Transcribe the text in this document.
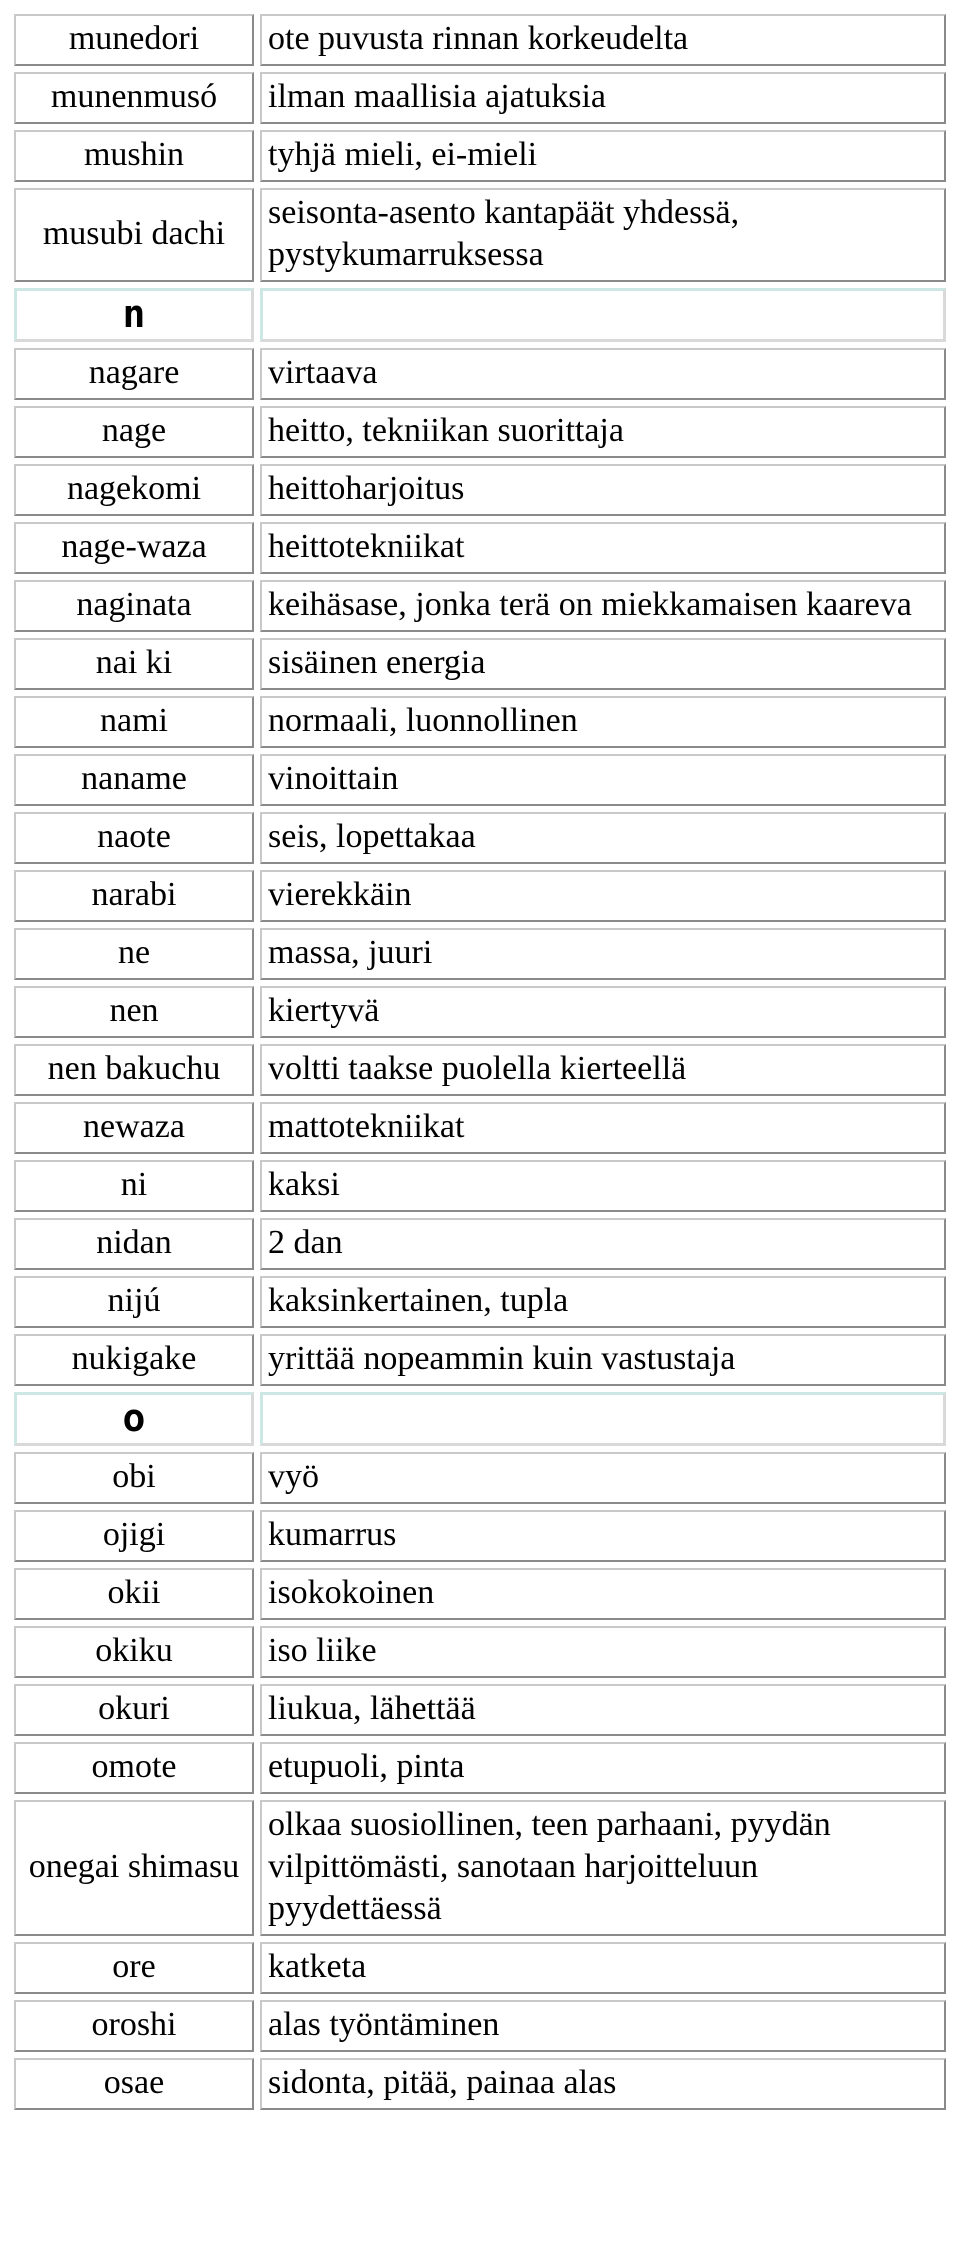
munedori	ote puvusta rinnan korkeudelta
munenmusó	ilman maallisia ajatuksia
mushin	tyhjä mieli, ei-mieli
musubi dachi	seisonta-asento kantapäät yhdessä, pystykumarruksessa
n	
nagare	virtaava
nage	heitto, tekniikan suorittaja
nagekomi	heittoharjoitus
nage-waza	heittotekniikat
naginata	keihäsase, jonka terä on miekkamaisen kaareva
nai ki	sisäinen energia
nami	normaali, luonnollinen
naname	vinoittain
naote	seis, lopettakaa
narabi	vierekkäin
ne	massa, juuri
nen	kiertyvä
nen bakuchu	voltti taakse puolella kierteellä
newaza	mattotekniikat
ni	kaksi
nidan	2 dan
nijú	kaksinkertainen, tupla
nukigake	yrittää nopeammin kuin vastustaja
o	
obi	vyö
ojigi	kumarrus
okii	isokokoinen
okiku	iso liike
okuri	liukua, lähettää
omote	etupuoli, pinta
onegai shimasu	olkaa suosiollinen, teen parhaani, pyydän vilpittömästi, sanotaan harjoitteluun pyydettäessä
ore	katketa
oroshi	alas työntäminen
osae	sidonta, pitää, painaa alas
